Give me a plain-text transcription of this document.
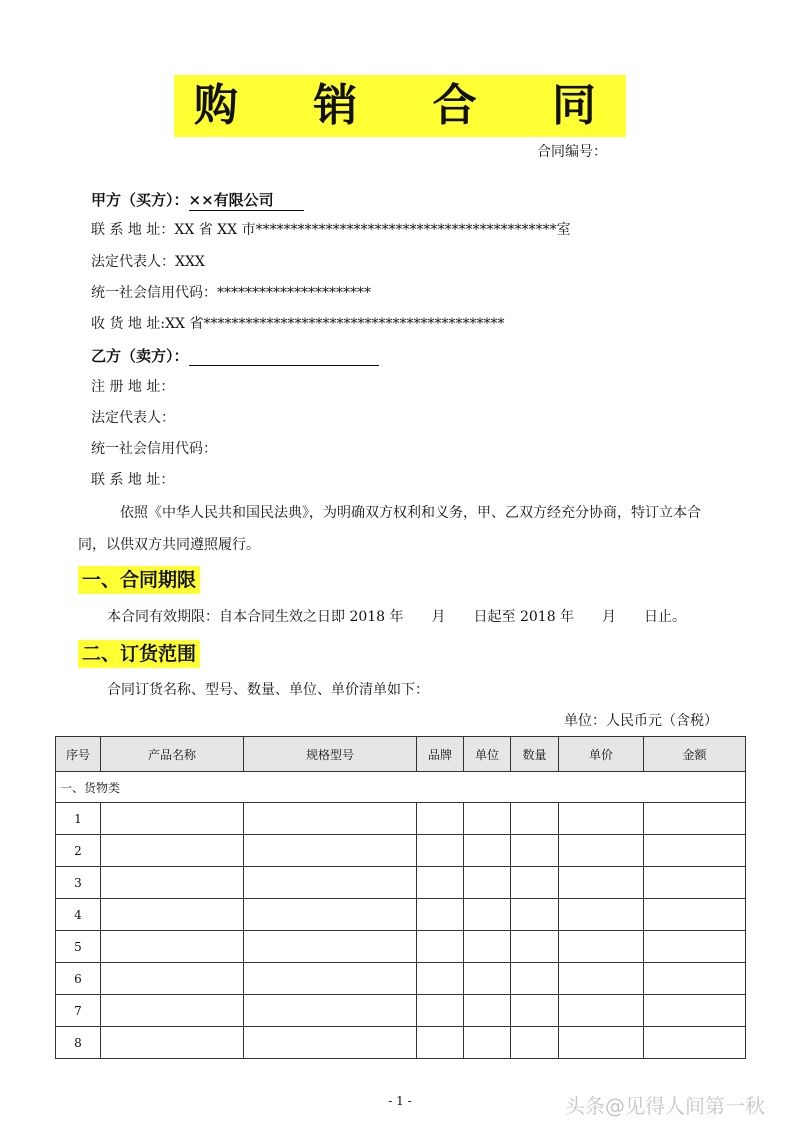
购 销 合 同
合同编号：
甲方（买方）：××有限公司
联 系 地 址：XX 省 XX 市*******************************************室
法定代表人：XXX
统一社会信用代码：**********************
收 货 地 址:XX 省*******************************************
乙方（卖方）：
注 册 地 址：
法定代表人：
统一社会信用代码：
联 系 地 址：
依照《中华人民共和国民法典》，为明确双方权利和义务，甲、乙双方经充分协商，特订立本合同，以供双方共同遵照履行。
一、合同期限
本合同有效期限：自本合同生效之日即 2018 年　　月　　日起至 2018 年　　月　　日止。
二、订货范围
合同订货名称、型号、数量、单位、单价清单如下：
单位：人民币元（含税）
序号	产品名称	规格型号	品牌	单位	数量	单价	金额
一、货物类							
1							
2							
3							
4							
5							
6							
7							
8							
- 1 -	头条@见得人间第一秋
